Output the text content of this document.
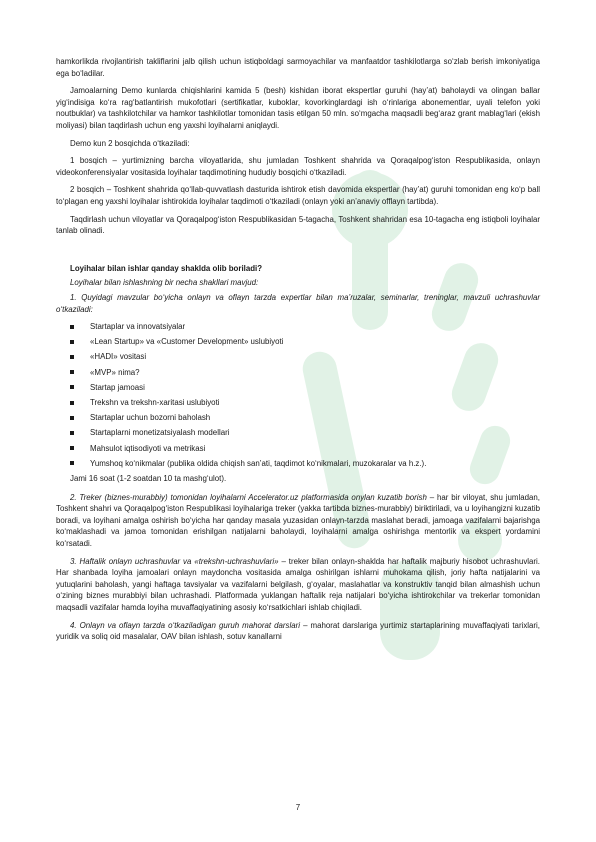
hamkorlikda rivojlantirish takliflarini jalb qilish uchun istiqboldagi sarmoyachilar va manfaatdor tashkilotlarga so‘zlab berish imkoniyatiga ega bo‘ladilar.

Jamoalarning Demo kunlarda chiqishlarini kamida 5 (besh) kishidan iborat ekspertlar guruhi (hay’at) baholaydi va olingan ballar yig‘indisiga ko‘ra rag‘batlantirish mukofotlari (sertifikatlar, kuboklar, kovorkinglardagi ish o‘rinlariga abonementlar, uyali telefon yoki noutbuklar) va tashkilotchilar va hamkor tashkilotlar tomonidan tasis etilgan 50 mln. so‘mgacha maqsadli beg‘araz grant mablag‘lari (ekish moliyasi) bilan taqdirlash uchun eng yaxshi loyihalarni aniqlaydi.

Demo kun 2 bosqichda o‘tkaziladi:

1 bosqich – yurtimizning barcha viloyatlarida, shu jumladan Toshkent shahrida va Qoraqalpog‘iston Respublikasida, onlayn videokonferensiyalar vositasida loyihalar taqdimotining hududiy bosqichi o‘tkaziladi.

2 bosqich – Toshkent shahrida qo‘llab-quvvatlash dasturida ishtirok etish davomida ekspertlar (hay’at) guruhi tomonidan eng ko‘p ball to‘plagan eng yaxshi loyihalar ishtirokida loyihalar taqdimoti o‘tkaziladi (onlayn yoki an’anaviy offlayn tartibda).

Taqdirlash uchun viloyatlar va Qoraqalpog‘iston Respublikasidan 5-tagacha, Toshkent shahridan esa 10-tagacha eng istiqboli loyihalar tanlab olinadi.

Loyihalar bilan ishlar qanday shaklda olib boriladi?
Loyihalar bilan ishlashning bir necha shakllari mavjud:

1. Quyidagi mavzular bo‘yicha onlayn va oflayn tarzda expertlar bilan ma’ruzalar, seminarlar, treninglar, mavzuli uchrashuvlar o‘tkaziladi:

Startaplar va innovatsiyalar
«Lean Startup» va «Customer Development» uslubiyoti
«HADI» vositasi
«MVP» nima?
Startap jamoasi
Trekshn va trekshn-xaritasi uslubiyoti
Startaplar uchun bozorni baholash
Startaplarni monetizatsiyalash modellari
Mahsulot iqtisodiyoti va metrikasi
Yumshoq ko‘nikmalar (publika oldida chiqish san’ati, taqdimot ko‘nikmalari, muzokaralar va h.z.).
Jami 16 soat (1-2 soatdan 10 ta mashg‘ulot).

2. Treker (biznes-murabbiy) tomonidan loyihalarni Accelerator.uz platformasida onylan kuzatib borish – har bir viloyat, shu jumladan, Toshkent shahri va Qoraqalpog‘iston Respublikasi loyihalariga treker (yakka tartibda biznes-murabbiy) biriktiriladi, va u loyihangizni kuzatib boradi, va loyihani amalga oshirish bo‘yicha har qanday masala yuzasidan onlayn-tarzda maslahat beradi, jamoaga vazifalarni bajarishga ko‘maklashadi va jamoa tomonidan erishilgan natijalarni baholaydi, loyihalarni amalga oshirishga mentorlik va ekspert yordamini ko‘rsatadi.

3. Haftalik onlayn uchrashuvlar va «trekshn-uchrashuvlari» – treker bilan onlayn-shaklda har haftalik majburiy hisobot uchrashuvlari. Har shanbada loyiha jamoalari onlayn maydoncha vositasida amalga oshirilgan ishlarni muhokama qilish, joriy hafta natijalarini va yutuqlarini baholash, yangi haftaga tavsiyalar va vazifalarni belgilash, g‘oyalar, maslahatlar va konstruktiv tanqid bilan almashish uchun o‘zining biznes murabbiyi bilan uchrashadi. Platformada yuklangan haftalik reja natijalari bo‘yicha ishtirokchilar va trekerlar tomonidan maqsadli vazifalar hamda loyiha muvaffaqiyatining asosiy ko‘rsatkichlari ishlab chiqiladi.

4. Onlayn va oflayn tarzda o‘tkaziladigan guruh mahorat darslari – mahorat darslariga yurtimiz startaplarining muvaffaqiyati tarixlari, yuridik va soliq oid masalalar, OAV bilan ishlash, sotuv kanallarni

7
